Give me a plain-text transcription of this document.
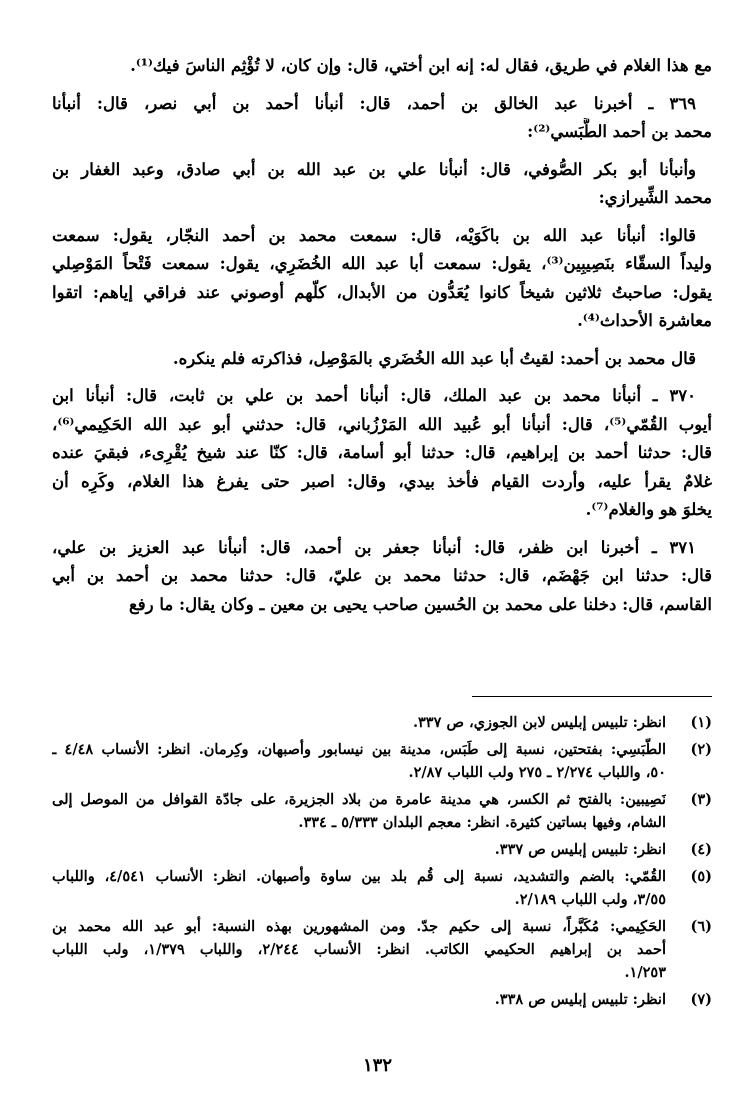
مع هذا الغلام في طريق، فقال له: إنه ابن أختي، قال: وإن كان، لا تُؤْثِم الناسَ فيك⁽¹⁾.
٣٦٩ ـ أخبرنا عبد الخالق بن أحمد، قال: أنبأنا أحمد بن أبي نصر، قال: أنبأنا
محمد بن أحمد الطَّبَسي⁽²⁾:
وأنبأنا أبو بكر الصُّوفي، قال: أنبأنا علي بن عبد الله بن أبي صادق، وعبد الغفار بن
محمد الشِّيرازي:
قالوا: أنبأنا عبد الله بن باكَوَيْه، قال: سمعت محمد بن أحمد النجّار، يقول: سمعت
وليداً السقّاء بنَصِيبِين⁽³⁾، يقول: سمعت أبا عبد الله الخُضَرِي، يقول: سمعت فَتْحاً المَوْصِلي
يقول: صاحبتُ ثلاثين شيخاً كانوا يُعَدُّون من الأبدال، كلّهم أوصوني عند فراقي إياهم: اتقوا
معاشرة الأحداث⁽⁴⁾.
قال محمد بن أحمد: لقيتُ أبا عبد الله الخُضَري بالمَوْصِل، فذاكرته فلم ينكره.
٣٧٠ ـ أنبأنا محمد بن عبد الملك، قال: أنبأنا أحمد بن علي بن ثابت، قال: أنبأنا ابن
أيوب القُمّي⁽⁵⁾، قال: أنبأنا أبو عُبيد الله المَرْزُباني، قال: حدثني أبو عبد الله الحَكِيمي⁽⁶⁾،
قال: حدثنا أحمد بن إبراهيم، قال: حدثنا أبو أسامة، قال: كنّا عند شيخ يُقْرِىء، فبقيَ عنده
غلامٌ يقرأ عليه، وأردت القيام فأخذ بيدي، وقال: اصبر حتى يفرغ هذا الغلام، وكَرِه أن
يخلوَ هو والغلام⁽⁷⁾.
٣٧١ ـ أخبرنا ابن ظفر، قال: أنبأنا جعفر بن أحمد، قال: أنبأنا عبد العزيز بن علي،
قال: حدثنا ابن جَهْضَم، قال: حدثنا محمد بن عليّ، قال: حدثنا محمد بن أحمد بن أبي
القاسم، قال: دخلنا على محمد بن الحُسين صاحب يحيى بن معين ـ وكان يقال: ما رفع
(١)
انظر: تلبيس إبليس لابن الجوزي، ص ٣٣٧.
(٢)
الطَّبَسِي: بفتحتين، نسبة إلى طَبَس، مدينة بين نيسابور وأصبهان، وكِرمان. انظر: الأنساب ٤/٤٨ ـ
٥٠، واللباب ٢/٢٧٤ ـ ٢٧٥ ولب اللباب ٢/٨٧.
(٣)
نَصِيبين: بالفتح ثم الكسر، هي مدينة عامرة من بلاد الجزيرة، على جادّة القوافل من الموصل إلى
الشام، وفيها بساتين كثيرة. انظر: معجم البلدان ٥/٣٣٣ ـ ٣٣٤.
(٤)
انظر: تلبيس إبليس ص ٣٣٧.
(٥)
القُمّي: بالضم والتشديد، نسبة إلى قُم بلد بين ساوة وأصبهان. انظر: الأنساب ٤/٥٤١، واللباب
٣/٥٥، ولب اللباب ٢/١٨٩.
(٦)
الحَكِيمي: مُكَبَّراً، نسبة إلى حكيم جدّ. ومن المشهورين بهذه النسبة: أبو عبد الله محمد بن
أحمد بن إبراهيم الحكيمي الكاتب. انظر: الأنساب ٢/٢٤٤، واللباب ١/٣٧٩، ولب اللباب
١/٢٥٣.
(٧)
انظر: تلبيس إبليس ص ٣٣٨.
١٣٢
